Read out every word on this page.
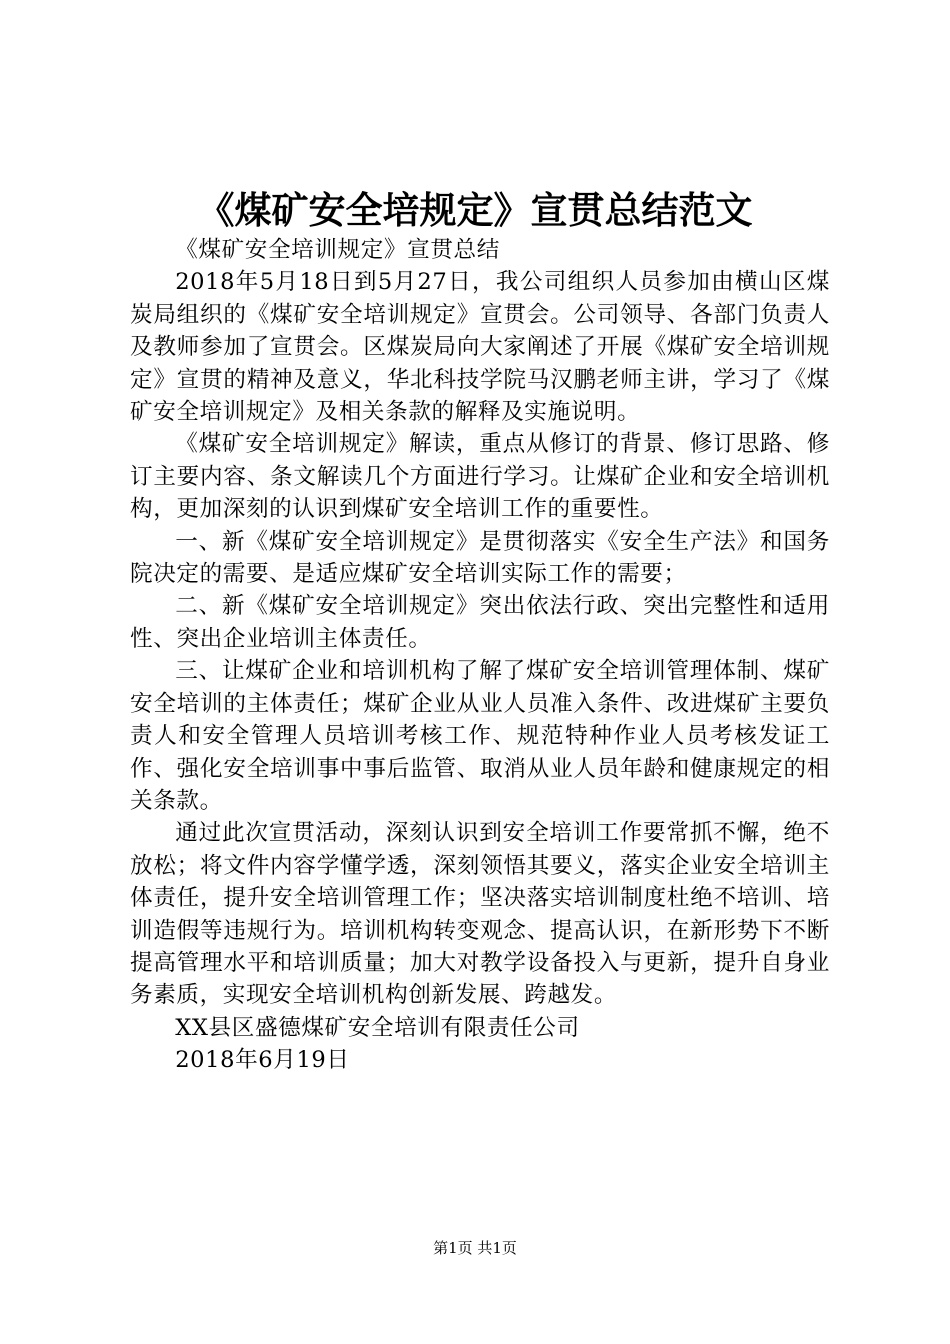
《煤矿安全培规定》宣贯总结范文

《煤矿安全培训规定》宣贯总结

2018年5月18日到5月27日，我公司组织人员参加由横山区煤炭局组织的《煤矿安全培训规定》宣贯会。公司领导、各部门负责人及教师参加了宣贯会。区煤炭局向大家阐述了开展《煤矿安全培训规定》宣贯的精神及意义，华北科技学院马汉鹏老师主讲，学习了《煤矿安全培训规定》及相关条款的解释及实施说明。

《煤矿安全培训规定》解读，重点从修订的背景、修订思路、修订主要内容、条文解读几个方面进行学习。让煤矿企业和安全培训机构，更加深刻的认识到煤矿安全培训工作的重要性。

一、新《煤矿安全培训规定》是贯彻落实《安全生产法》和国务院决定的需要、是适应煤矿安全培训实际工作的需要；

二、新《煤矿安全培训规定》突出依法行政、突出完整性和适用性、突出企业培训主体责任。

三、让煤矿企业和培训机构了解了煤矿安全培训管理体制、煤矿安全培训的主体责任；煤矿企业从业人员准入条件、改进煤矿主要负责人和安全管理人员培训考核工作、规范特种作业人员考核发证工作、强化安全培训事中事后监管、取消从业人员年龄和健康规定的相关条款。

通过此次宣贯活动，深刻认识到安全培训工作要常抓不懈，绝不放松；将文件内容学懂学透，深刻领悟其要义，落实企业安全培训主体责任，提升安全培训管理工作；坚决落实培训制度杜绝不培训、培训造假等违规行为。培训机构转变观念、提高认识，在新形势下不断提高管理水平和培训质量；加大对教学设备投入与更新，提升自身业务素质，实现安全培训机构创新发展、跨越发。

XX县区盛德煤矿安全培训有限责任公司

2018年6月19日

第1页 共1页
